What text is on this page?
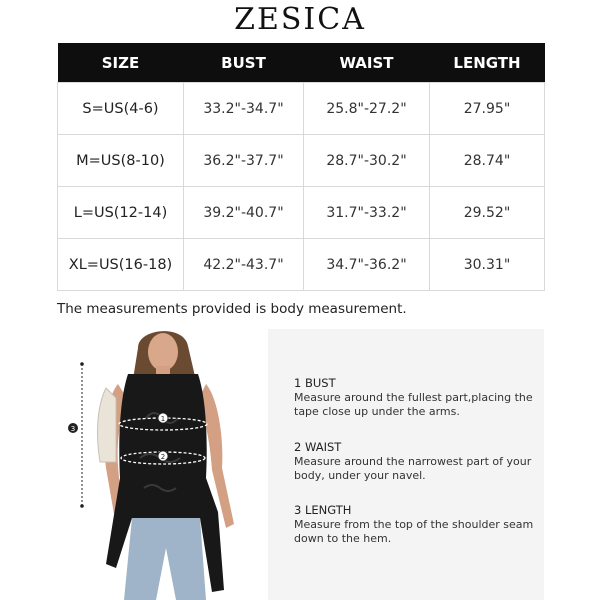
ZESICA
SIZE	BUST	WAIST	LENGTH
S=US(4-6)	33.2"-34.7"	25.8"-27.2"	27.95"
M=US(8-10)	36.2"-37.7"	28.7"-30.2"	28.74"
L=US(12-14)	39.2"-40.7"	31.7"-33.2"	29.52"
XL=US(16-18)	42.2"-43.7"	34.7"-36.2"	30.31"
The measurements provided is body measurement.
1
2
3
1 BUST
Measure around the fullest part,placing the tape close up under the arms.
2 WAIST
Measure around the narrowest part of your body, under your navel.
3 LENGTH
Measure from the top of the shoulder seam down to the hem.
